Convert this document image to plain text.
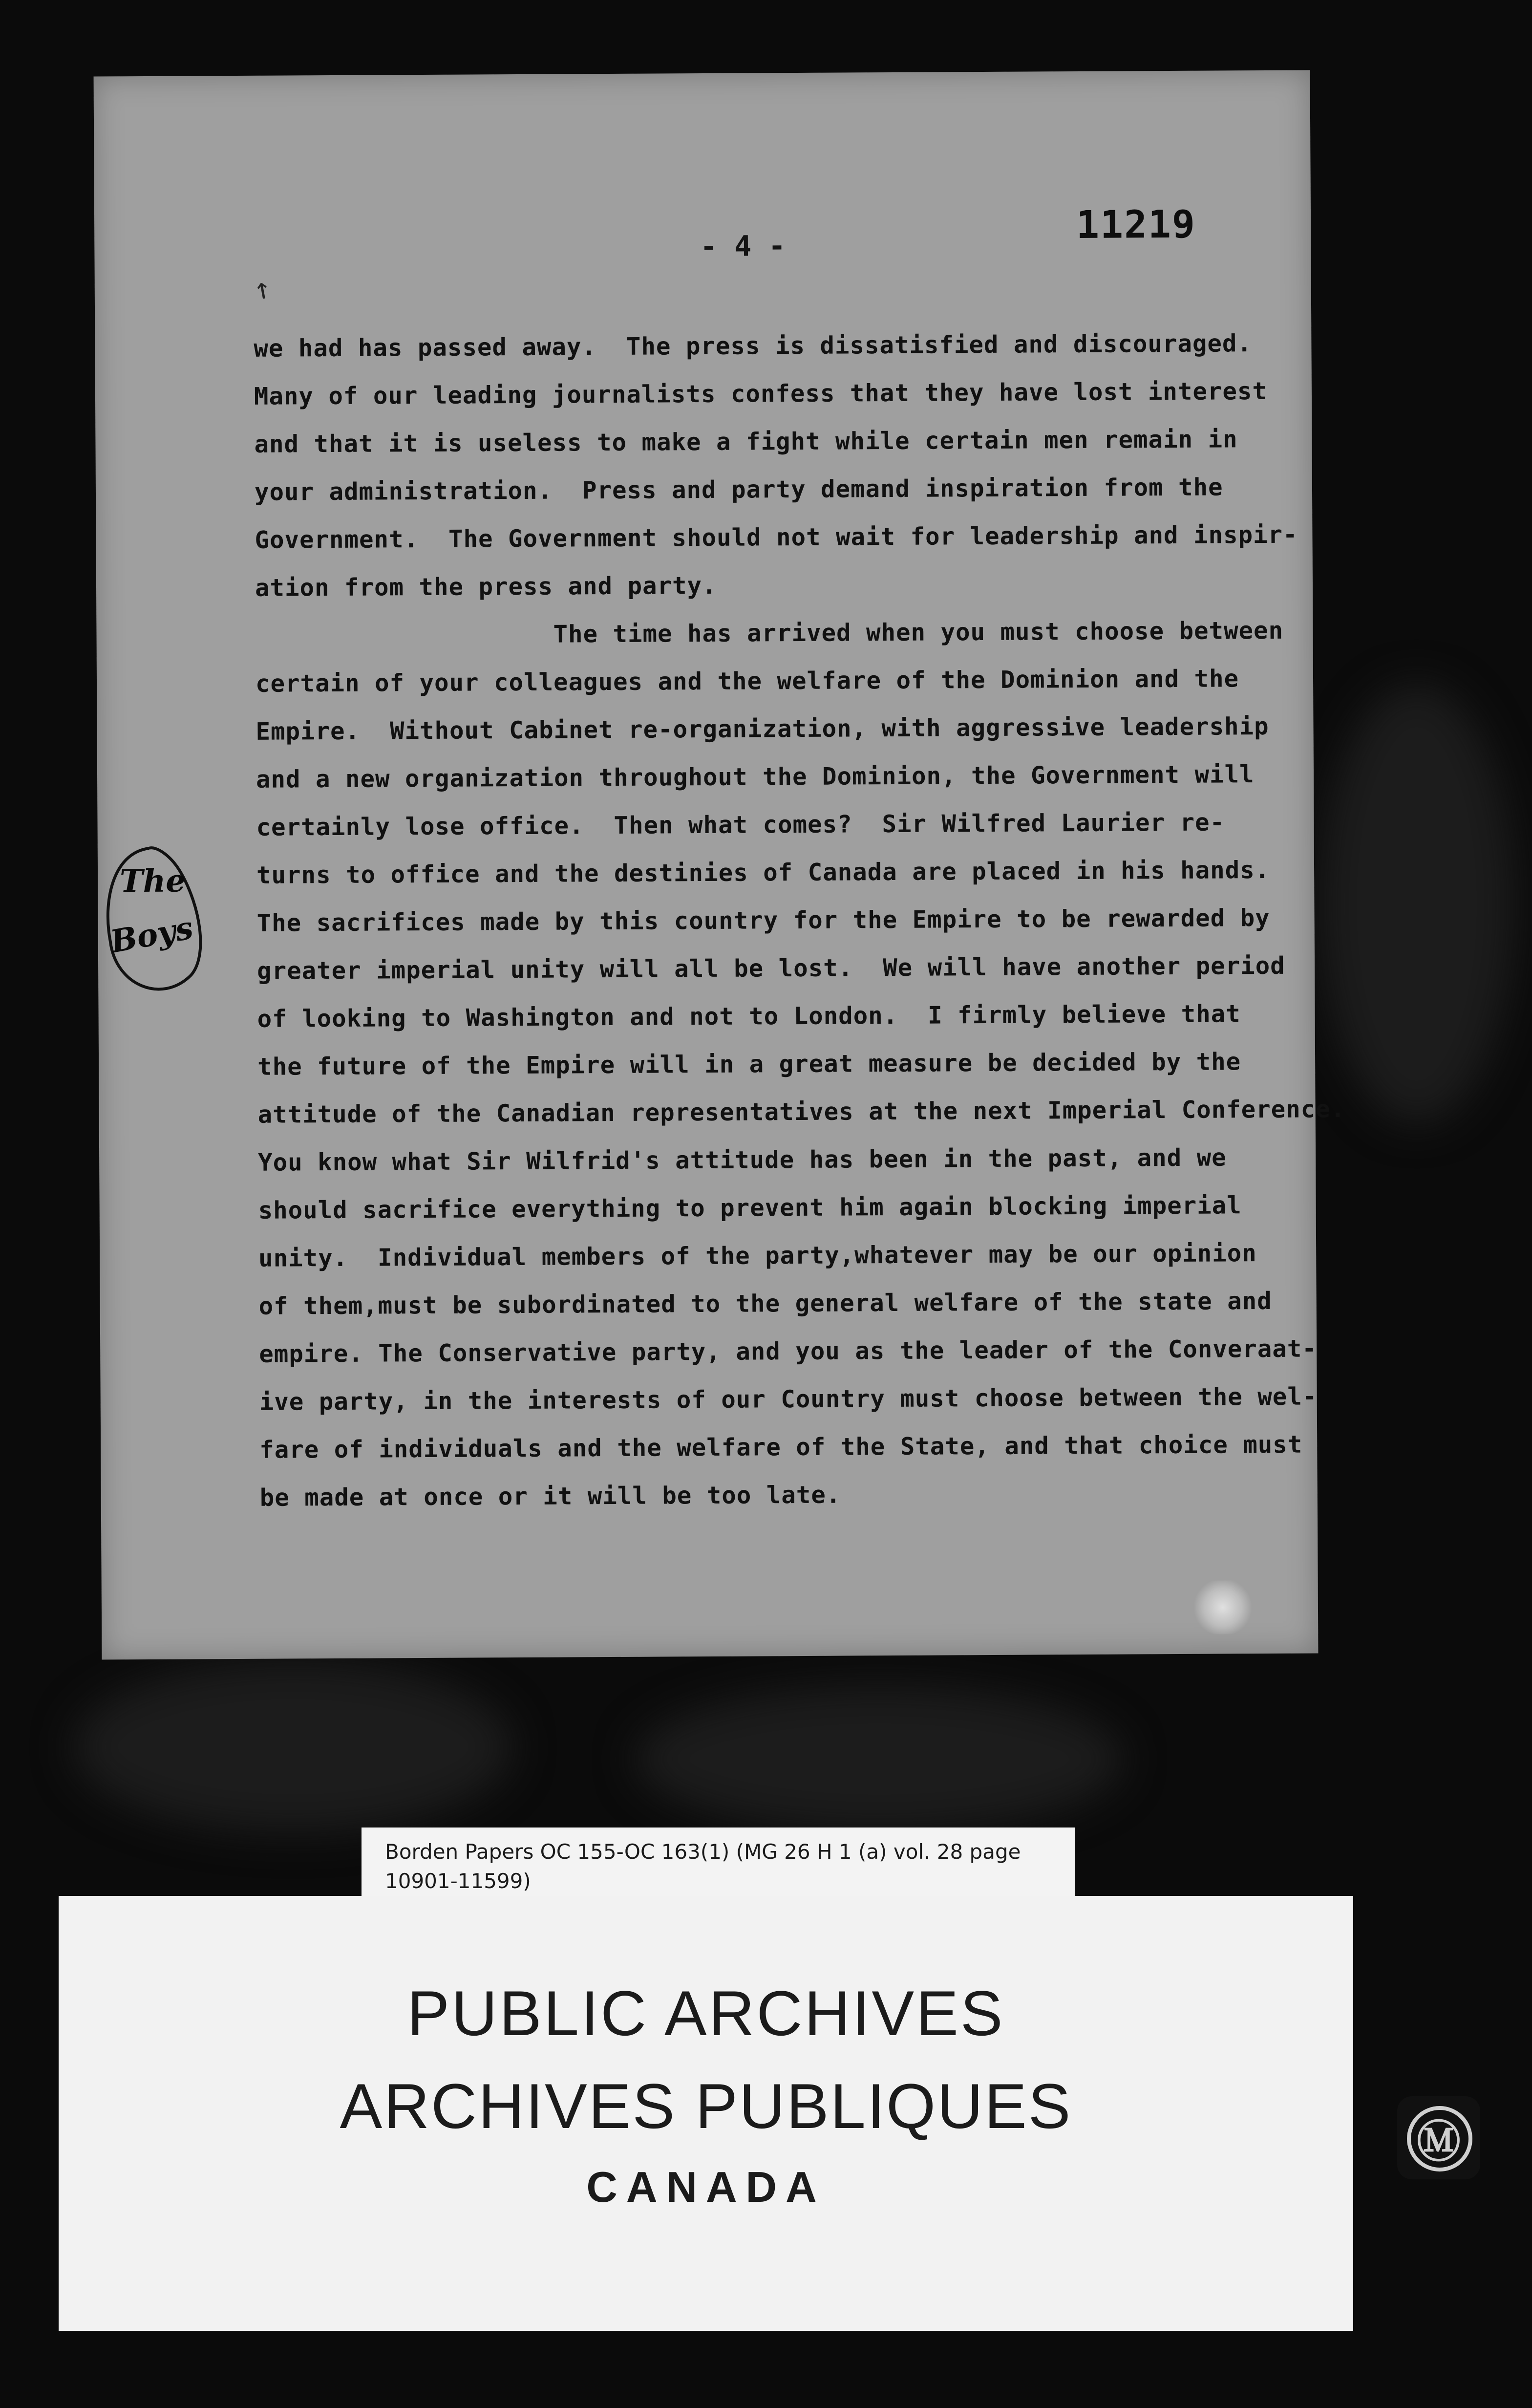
- 4 -	11219
↖
we had has passed away.  The press is dissatisfied and discouraged.
Many of our leading journalists confess that they have lost interest
and that it is useless to make a fight while certain men remain in
your administration.  Press and party demand inspiration from the
Government.  The Government should not wait for leadership and inspir-
ation from the press and party.
The time has arrived when you must choose between
certain of your colleagues and the welfare of the Dominion and the
Empire.  Without Cabinet re-organization, with aggressive leadership
and a new organization throughout the Dominion, the Government will
certainly lose office.  Then what comes?  Sir Wilfred Laurier re-
turns to office and the destinies of Canada are placed in his hands.
The sacrifices made by this country for the Empire to be rewarded by
greater imperial unity will all be lost.  We will have another period
of looking to Washington and not to London.  I firmly believe that
the future of the Empire will in a great measure be decided by the
attitude of the Canadian representatives at the next Imperial Conference.
You know what Sir Wilfrid's attitude has been in the past, and we
should sacrifice everything to prevent him again blocking imperial
unity.  Individual members of the party,whatever may be our opinion
of them,must be subordinated to the general welfare of the state and
empire. The Conservative party, and you as the leader of the Converaat-
ive party, in the interests of our Country must choose between the wel-
fare of individuals and the welfare of the State, and that choice must
be made at once or it will be too late.
The
Boys
Borden Papers OC 155-OC 163(1) (MG 26 H 1 (a) vol. 28 page
10901-11599)
PUBLIC ARCHIVES
ARCHIVES PUBLIQUES
CANADA
Ⓜ
